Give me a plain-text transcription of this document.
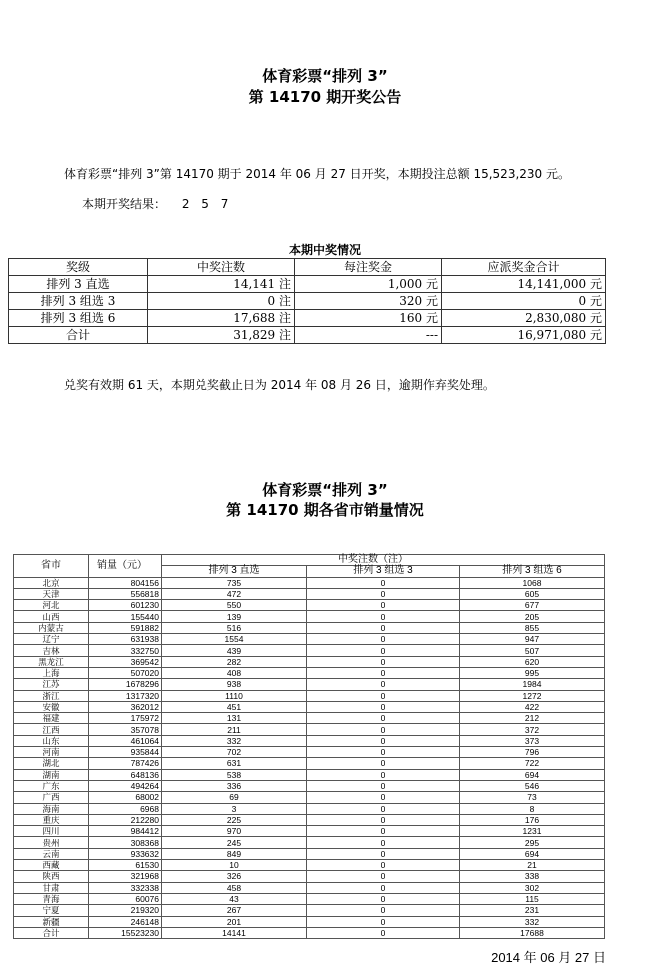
体育彩票“排列 3”
第 14170 期开奖公告
体育彩票“排列 3”第 14170 期于 2014 年 06 月 27 日开奖，本期投注总额 15,523,230 元。
本期开奖结果： 2 5 7
本期中奖情况
奖级	中奖注数	每注奖金	应派奖金合计
排列 3 直选	14,141 注	1,000 元	14,141,000 元
排列 3 组选 3	0 注	320 元	0 元
排列 3 组选 6	17,688 注	160 元	2,830,080 元
合计	31,829 注	---	16,971,080 元
兑奖有效期 61 天，本期兑奖截止日为 2014 年 08 月 26 日，逾期作弃奖处理。
体育彩票“排列 3”
第 14170 期各省市销量情况
省市	销量（元）	中奖注数（注）		
		排列 3 直选	排列 3 组选 3	排列 3 组选 6
北京	804156	735	0	1068
天津	556818	472	0	605
河北	601230	550	0	677
山西	155440	139	0	205
内蒙古	591882	516	0	855
辽宁	631938	1554	0	947
吉林	332750	439	0	507
黑龙江	369542	282	0	620
上海	507020	408	0	995
江苏	1678296	938	0	1984
浙江	1317320	1110	0	1272
安徽	362012	451	0	422
福建	175972	131	0	212
江西	357078	211	0	372
山东	461064	332	0	373
河南	935844	702	0	796
湖北	787426	631	0	722
湖南	648136	538	0	694
广东	494264	336	0	546
广西	68002	69	0	73
海南	6968	3	0	8
重庆	212280	225	0	176
四川	984412	970	0	1231
贵州	308368	245	0	295
云南	933632	849	0	694
西藏	61530	10	0	21
陕西	321968	326	0	338
甘肃	332338	458	0	302
青海	60076	43	0	115
宁夏	219320	267	0	231
新疆	246148	201	0	332
合计	15523230	14141	0	17688
2014 年 06 月 27 日
